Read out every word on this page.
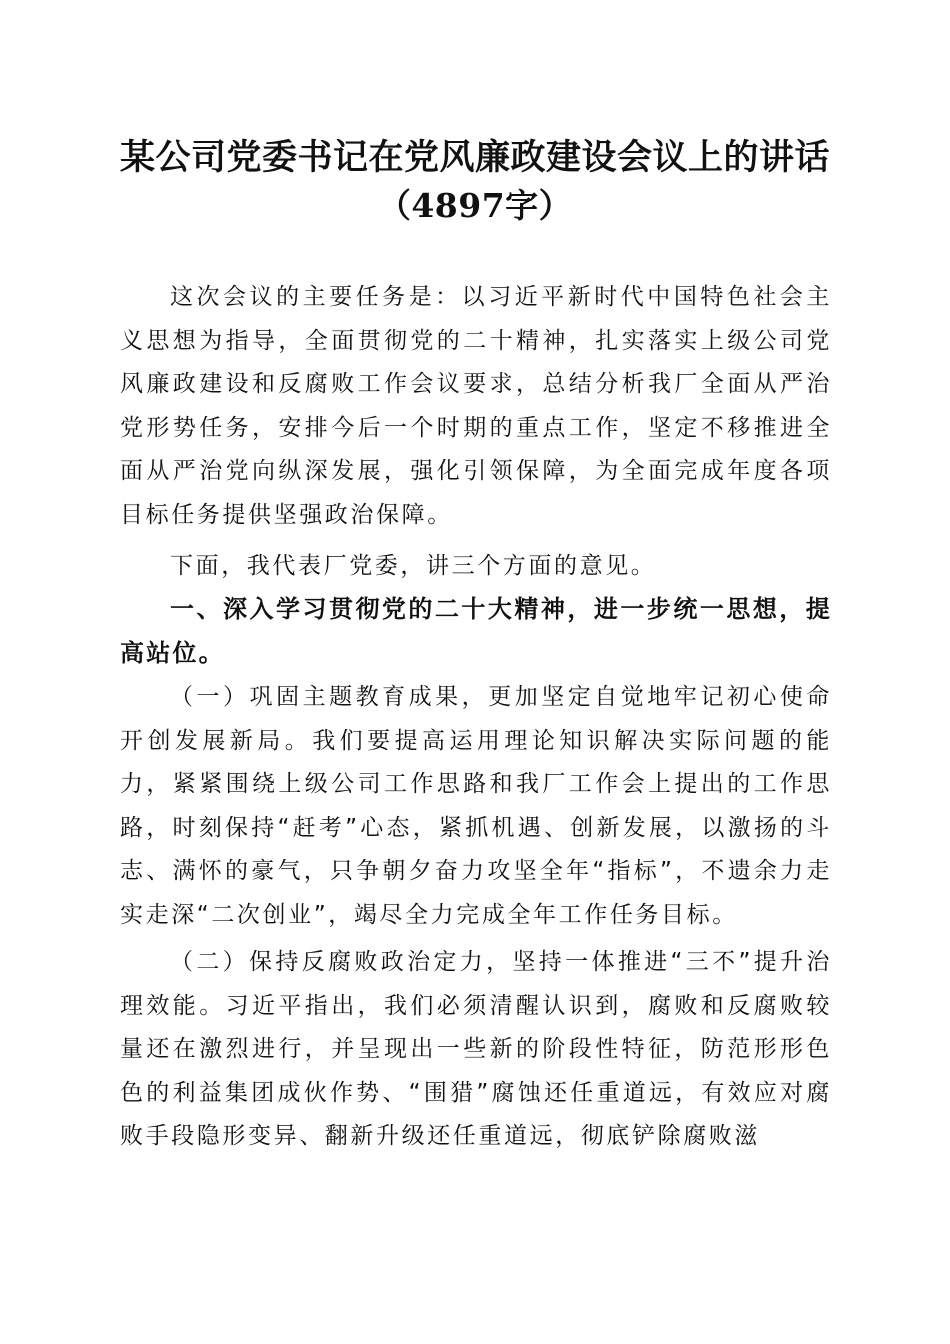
某公司党委书记在党风廉政建设会议上的讲话
（4897字）

这次会议的主要任务是：以习近平新时代中国特色社会主义思想为指导，全面贯彻党的二十精神，扎实落实上级公司党风廉政建设和反腐败工作会议要求，总结分析我厂全面从严治党形势任务，安排今后一个时期的重点工作，坚定不移推进全面从严治党向纵深发展，强化引领保障，为全面完成年度各项目标任务提供坚强政治保障。

下面，我代表厂党委，讲三个方面的意见。

一、深入学习贯彻党的二十大精神，进一步统一思想，提高站位。

（一）巩固主题教育成果，更加坚定自觉地牢记初心使命开创发展新局。我们要提高运用理论知识解决实际问题的能力，紧紧围绕上级公司工作思路和我厂工作会上提出的工作思路，时刻保持“赶考”心态，紧抓机遇、创新发展，以激扬的斗志、满怀的豪气，只争朝夕奋力攻坚全年“指标”，不遗余力走实走深“二次创业”，竭尽全力完成全年工作任务目标。

（二）保持反腐败政治定力，坚持一体推进“三不”提升治理效能。习近平指出，我们必须清醒认识到，腐败和反腐败较量还在激烈进行，并呈现出一些新的阶段性特征，防范形形色色的利益集团成伙作势、“围猎”腐蚀还任重道远，有效应对腐败手段隐形变异、翻新升级还任重道远，彻底铲除腐败滋
